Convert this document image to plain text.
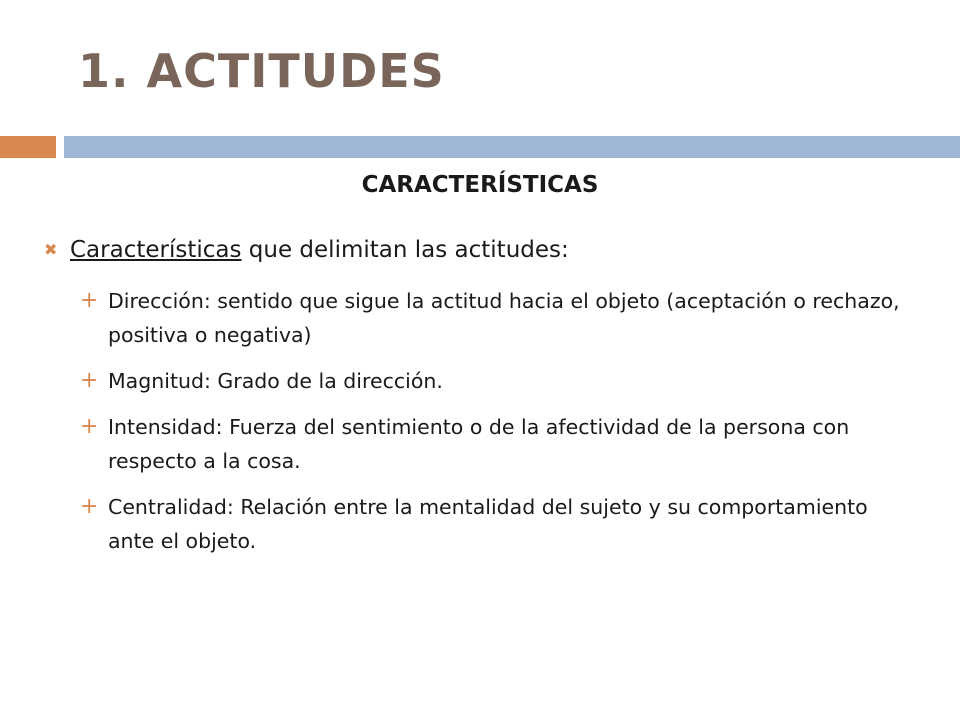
1. ACTITUDES
CARACTERÍSTICAS
✖ Características que delimitan las actitudes:
+ Dirección: sentido que sigue la actitud hacia el objeto (aceptación o rechazo, positiva o negativa)
+ Magnitud: Grado de la dirección.
+ Intensidad: Fuerza del sentimiento o de la afectividad de la persona con respecto a la cosa.
+ Centralidad: Relación entre la mentalidad del sujeto y su comportamiento ante el objeto.
